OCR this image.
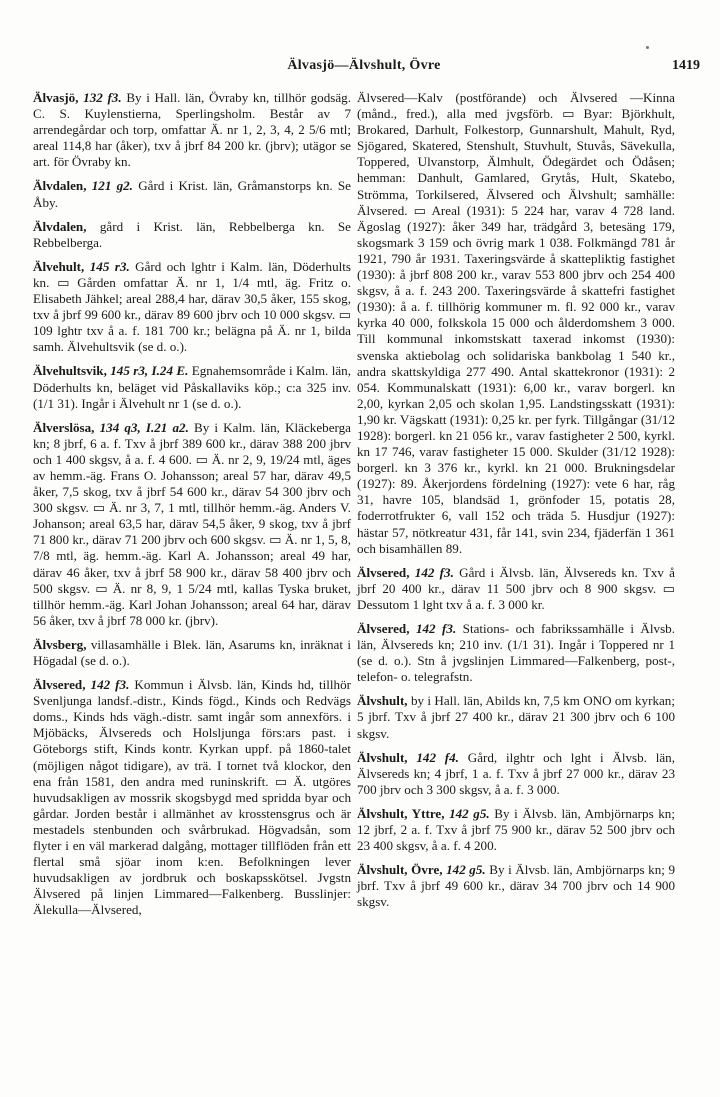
Älvasjö—Älvshult, Övre	1419

Älvasjö, 132 f3. By i Hall. län, Övraby kn, tillhör godsäg. C. S. Kuylenstierna, Sperlingsholm. Består av 7 arrendegårdar och torp, omfattar Ä. nr 1, 2, 3, 4, 2 5/6 mtl; areal 114,8 har (åker), txv å jbrf 84 200 kr. (jbrv); utägor se art. för Övraby kn.

Älvdalen, 121 g2. Gård i Krist. län, Gråmanstorps kn. Se Åby.

Älvdalen, gård i Krist. län, Rebbelberga kn. Se Rebbelberga.

Älvehult, 145 r3. Gård och lghtr i Kalm. län, Döderhults kn. ▭ Gården omfattar Ä. nr 1, 1/4 mtl, äg. Fritz o. Elisabeth Jähkel; areal 288,4 har, därav 30,5 åker, 155 skog, txv å jbrf 99 600 kr., därav 89 600 jbrv och 10 000 skgsv. ▭ 109 lghtr txv å a. f. 181 700 kr.; belägna på Ä. nr 1, bilda samh. Älvehultsvik (se d. o.).

Älvehultsvik, 145 r3, I.24 E. Egnahemsområde i Kalm. län, Döderhults kn, beläget vid Påskallaviks köp.; c:a 325 inv. (1/1 31). Ingår i Älvehult nr 1 (se d. o.).

Älverslösa, 134 q3, I.21 a2. By i Kalm. län, Kläckeberga kn; 8 jbrf, 6 a. f. Txv å jbrf 389 600 kr., därav 388 200 jbrv och 1 400 skgsv, å a. f. 4 600. ▭ Ä. nr 2, 9, 19/24 mtl, äges av hemm.-äg. Frans O. Johansson; areal 57 har, därav 49,5 åker, 7,5 skog, txv å jbrf 54 600 kr., därav 54 300 jbrv och 300 skgsv. ▭ Ä. nr 3, 7, 1 mtl, tillhör hemm.-äg. Anders V. Johanson; areal 63,5 har, därav 54,5 åker, 9 skog, txv å jbrf 71 800 kr., därav 71 200 jbrv och 600 skgsv. ▭ Ä. nr 1, 5, 8, 7/8 mtl, äg. hemm.-äg. Karl A. Johansson; areal 49 har, därav 46 åker, txv å jbrf 58 900 kr., därav 58 400 jbrv och 500 skgsv. ▭ Ä. nr 8, 9, 1 5/24 mtl, kallas Tyska bruket, tillhör hemm.-äg. Karl Johan Johansson; areal 64 har, därav 56 åker, txv å jbrf 78 000 kr. (jbrv).

Älvsberg, villasamhälle i Blek. län, Asarums kn, inräknat i Högadal (se d. o.).

Älvsered, 142 f3. Kommun i Älvsb. län, Kinds hd, tillhör Svenljunga landsf.-distr., Kinds fögd., Kinds och Redvägs doms., Kinds hds vägh.-distr. samt ingår som annexförs. i Mjöbäcks, Älvsereds och Holsljunga förs:ars past. i Göteborgs stift, Kinds kontr. Kyrkan uppf. på 1860-talet (möjligen något tidigare), av trä. I tornet två klockor, den ena från 1581, den andra med runinskrift. ▭ Ä. utgöres huvudsakligen av mossrik skogsbygd med spridda byar och gårdar. Jorden består i allmänhet av krosstensgrus och är mestadels stenbunden och svårbrukad. Högvadsån, som flyter i en väl markerad dalgång, mottager tillflöden från ett flertal små sjöar inom k:en. Befolkningen lever huvudsakligen av jordbruk och boskapsskötsel. Jvgstn Älvsered på linjen Limmared—Falkenberg. Busslinjer: Älekulla—Älvsered,

Älvsered—Kalv (postförande) och Älvsered —Kinna (månd., fred.), alla med jvgsförb. ▭ Byar: Björkhult, Brokared, Darhult, Folkestorp, Gunnarshult, Mahult, Ryd, Sjögared, Skatered, Stenshult, Stuvhult, Stuvås, Sävekulla, Toppered, Ulvanstorp, Älmhult, Ödegärdet och Ödåsen; hemman: Danhult, Gamlared, Grytås, Hult, Skatebo, Strömma, Torkilsered, Älvsered och Älvshult; samhälle: Älvsered. ▭ Areal (1931): 5 224 har, varav 4 728 land. Ägoslag (1927): åker 349 har, trädgård 3, betesäng 179, skogsmark 3 159 och övrig mark 1 038. Folkmängd 781 år 1921, 790 år 1931. Taxeringsvärde å skattepliktig fastighet (1930): å jbrf 808 200 kr., varav 553 800 jbrv och 254 400 skgsv, å a. f. 243 200. Taxeringsvärde å skattefri fastighet (1930): å a. f. tillhörig kommuner m. fl. 92 000 kr., varav kyrka 40 000, folkskola 15 000 och ålderdomshem 3 000. Till kommunal inkomstskatt taxerad inkomst (1930): svenska aktiebolag och solidariska bankbolag 1 540 kr., andra skattskyldiga 277 490. Antal skattekronor (1931): 2 054. Kommunalskatt (1931): 6,00 kr., varav borgerl. kn 2,00, kyrkan 2,05 och skolan 1,95. Landstingsskatt (1931): 1,90 kr. Vägskatt (1931): 0,25 kr. per fyrk. Tillgångar (31/12 1928): borgerl. kn 21 056 kr., varav fastigheter 2 500, kyrkl. kn 17 746, varav fastigheter 15 000. Skulder (31/12 1928): borgerl. kn 3 376 kr., kyrkl. kn 21 000. Brukningsdelar (1927): 89. Åkerjordens fördelning (1927): vete 6 har, råg 31, havre 105, blandsäd 1, grönfoder 15, potatis 28, foderrotfrukter 6, vall 152 och träda 5. Husdjur (1927): hästar 57, nötkreatur 431, får 141, svin 234, fjäderfän 1 361 och bisamhällen 89.

Älvsered, 142 f3. Gård i Älvsb. län, Älvsereds kn. Txv å jbrf 20 400 kr., därav 11 500 jbrv och 8 900 skgsv. ▭ Dessutom 1 lght txv å a. f. 3 000 kr.

Älvsered, 142 f3. Stations- och fabrikssamhälle i Älvsb. län, Älvsereds kn; 210 inv. (1/1 31). Ingår i Toppered nr 1 (se d. o.). Stn å jvgslinjen Limmared—Falkenberg, post-, telefon- o. telegrafstn.

Älvshult, by i Hall. län, Abilds kn, 7,5 km ONO om kyrkan; 5 jbrf. Txv å jbrf 27 400 kr., därav 21 300 jbrv och 6 100 skgsv.

Älvshult, 142 f4. Gård, ilghtr och lght i Älvsb. län, Älvsereds kn; 4 jbrf, 1 a. f. Txv å jbrf 27 000 kr., därav 23 700 jbrv och 3 300 skgsv, å a. f. 3 000.

Älvshult, Yttre, 142 g5. By i Älvsb. län, Ambjörnarps kn; 12 jbrf, 2 a. f. Txv å jbrf 75 900 kr., därav 52 500 jbrv och 23 400 skgsv, å a. f. 4 200.

Älvshult, Övre, 142 g5. By i Älvsb. län, Ambjörnarps kn; 9 jbrf. Txv å jbrf 49 600 kr., därav 34 700 jbrv och 14 900 skgsv.
